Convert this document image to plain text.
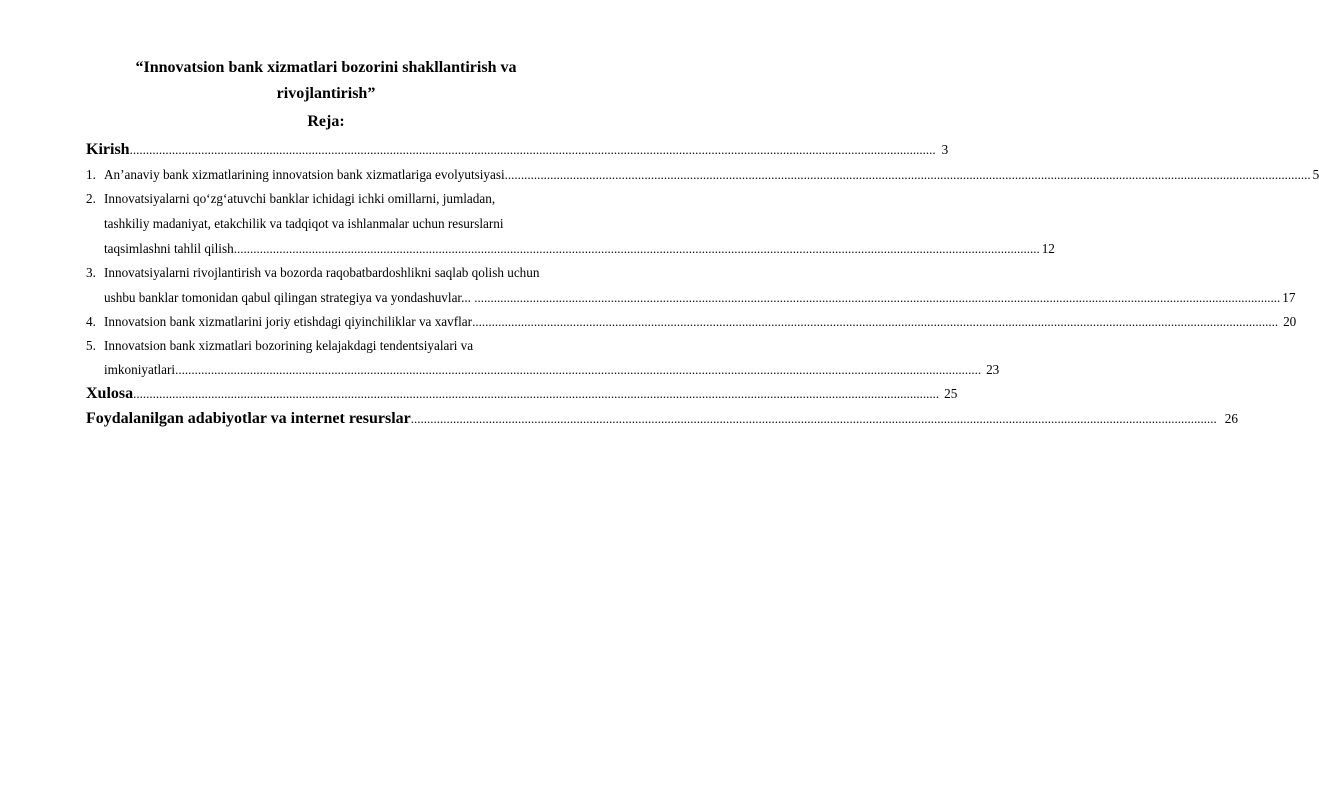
“Innovatsion bank xizmatlari bozorini shakllantirish va
rivojlantirish”
Reja:
Kirish .....	3
1. An’anaviy bank xizmatlarining innovatsion bank xizmatlariga evolyutsiyasi .....	5
2. Innovatsiyalarni qo‘zg‘atuvchi banklar ichidagi ichki omillarni, jumladan,
tashkiliy madaniyat, etakchilik va tadqiqot va ishlanmalar uchun resurslarni
taqsimlashni tahlil qilish .....	12
3. Innovatsiyalarni rivojlantirish va bozorda raqobatbardoshlikni saqlab qolish uchun
ushbu banklar tomonidan qabul qilingan strategiya va yondashuvlar... .....	17
4. Innovatsion bank xizmatlarini joriy etishdagi qiyinchiliklar va xavflar .....	20
5. Innovatsion bank xizmatlari bozorining kelajakdagi tendentsiyalari va
imkoniyatlari .....	23
Xulosa .....	25
Foydalanilgan adabiyotlar va internet resurslar .....	26
